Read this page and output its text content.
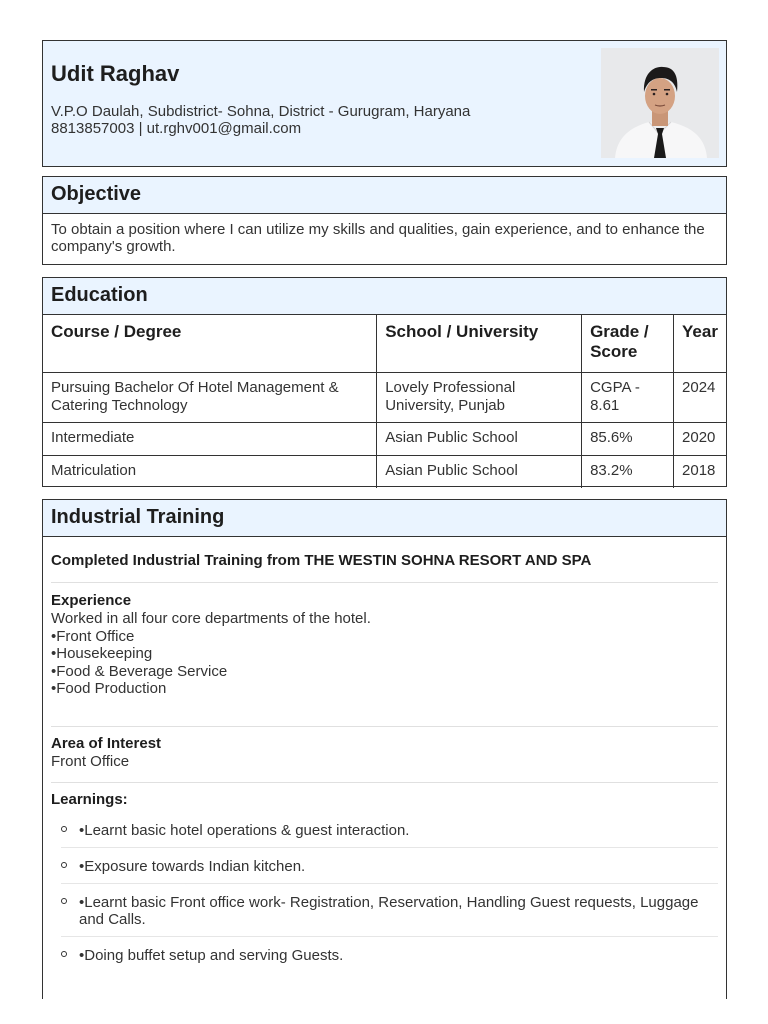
Udit Raghav
V.P.O Daulah, Subdistrict- Sohna, District - Gurugram, Haryana
8813857003 | ut.rghv001@gmail.com
Objective
To obtain a position where I can utilize my skills and qualities, gain experience, and to enhance the company's growth.
Education
Course / Degree	School / University	Grade / Score	Year
Pursuing Bachelor Of Hotel Management & Catering Technology	Lovely Professional University, Punjab	CGPA - 8.61	2024
Intermediate	Asian Public School	85.6%	2020
Matriculation	Asian Public School	83.2%	2018
Industrial Training
Completed Industrial Training from THE WESTIN SOHNA RESORT AND SPA
Experience
Worked in all four core departments of the hotel.
•Front Office
•Housekeeping
•Food & Beverage Service
•Food Production
Area of Interest
Front Office
Learnings:
•Learnt basic hotel operations & guest interaction.
•Exposure towards Indian kitchen.
•Learnt basic Front office work- Registration, Reservation, Handling Guest requests, Luggage and Calls.
•Doing buffet setup and serving Guests.
